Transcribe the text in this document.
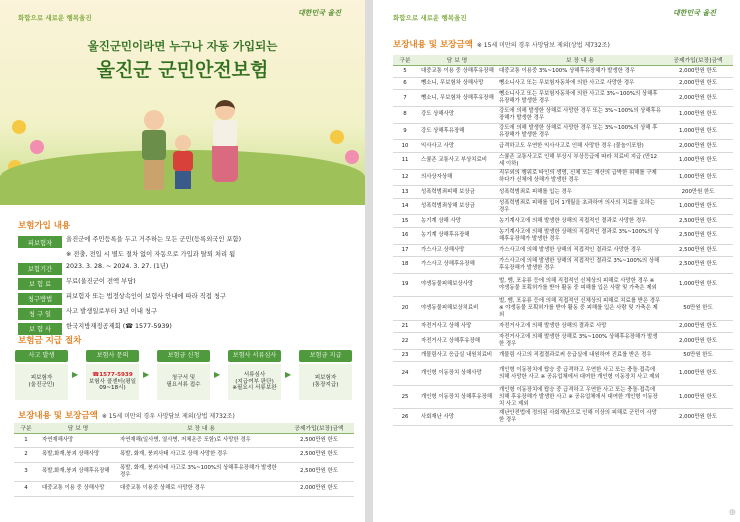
울진군민이라면 누구나 자동 가입되는
울진군 군민안전보험
화합으로 새로운 행복울진
대한민국 울진
보험가입 내용
피보험자	울진군에 주민등록을 두고 거주하는 모든 군민(등록외국인 포함)
※ 전출, 전입 시 별도 절차 없이 자동으로 가입과 탈퇴 처리 됨
보험기간	2023. 3. 28. ~ 2024. 3. 27. (1년)
보 험 료	무료(울진군이 전액 부담)
청구방법	피보험자 또는 법정상속인이 보험사 안내에 따라 직접 청구
청 구 일	사고 발생일로부터 3년 이내 청구
보 험 사	한국지방재정공제회 (☎ 1577-5939)
보험금 지급 절차
사고 발생
피보험자
(울진군민)
▶
보험사 문의
☎1577-5939
보험사 콜센터(평일 09~18시)
▶
보험금 신청
청구서 및
필요서류 접수
▶
보험사 서류심사
서류심사
(지급여부 판단)
※필요시 서류보완
▶
보험금 지급
피보험자
(통장지급)
보장내용 및 보장금액 ※ 15세 미만의 경우 사망담보 제외(상법 제732조)
구분	담 보 명	보 장 내 용	공제가입(보장)금액
1	자연재해사망	자연재해(일사병, 열사병, 저체온증 포함)로 사망한 경우	2,500만원 한도
2	폭발,화재,붕괴 상해사망	폭발, 화재, 붕괴사태 사고로 상해 사망한 경우	2,500만원 한도
3	폭발,화재,붕괴 상해후유장해	폭발, 화재, 붕괴사태 사고로 3%~100%의 상해후유장해가 발생한 경우	2,500만원 한도
4	대중교통 이용 중 상해사망	대중교통 이용중 상해로 사망한 경우	2,000만원 한도
화합으로 새로운 행복울진
대한민국 울진
보장내용 및 보장금액 ※ 15세 미만의 경우 사망담보 제외(상법 제732조)
구분	담 보 명	보 장 내 용	공제가입(보장)금액
5	대중교통 이용 중 상해후유장해	대중교통 이용중 3%~100% 상해후유장해가 발생한 경우	2,000만원 한도
6	뺑소니, 무보험차 상해사망	뺑소니사고 또는 무보험자동차에 의한 사고로 사망한 경우	2,000만원 한도
7	뺑소니, 무보험차 상해후유장해	뺑소니사고 또는 무보험자동차에 의한 사고로 3%~100%의 상해후유장해가 발생한 경우	2,000만원 한도
8	강도 상해사망	강도에 의해 발생한 상해로 사망한 경우 또는 3%~100%의 상해후유장해가 발생한 경우	1,000만원 한도
9	강도 상해후유장해	강도에 의해 발생한 상해로 사망한 경우 또는 3%~100%의 상해 후유장해가 발생한 경우	1,000만원 한도
10	익사사고 사망	급격하고도 우연한 익사사고로 인해 사망한 경우 (물놀이포함)	2,000만원 한도
11	스쿨존 교통사고 부상치료비	스쿨존 교통사고로 인해 부상시 부상등급에 따라 치료비 지급 (만12세 이하)	1,000만원 한도
12	의사상자상해	직무외의 행위로 타인의 생명, 신체 또는 재산의 급박한 위해를 구제하다가 신체에 상해가 발생한 경우	1,000만원 한도
13	성폭력범죄피해 보상금	성폭력범죄로 피해를 입는 경우	200만원 한도
14	성폭력범죄상해 보상금	성폭력범죄로 피해를 입어 1개월을 초과하여 의사의 치료를 요하는 경우	1,000만원 한도
15	농기계 상해 사망	농기계사고에 의해 발생한 상해의 직접적인 결과로 사망한 경우	2,500만원 한도
16	농기계 상해후유장해	농기계사고에 의해 발생한 상해의 직접적인 결과로 3%~100%의 상해후유장해가 발생한 경우	2,500만원 한도
17	가스사고 상해사망	가스사고에 의해 발생한 상해의 직접적인 결과로 사망한 경우	2,500만원 한도
18	가스사고 상해후유장해	가스사고에 의해 발생한 상해의 직접적인 결과로 3%~100%의 상해후유장해가 발생한 경우	2,500만원 한도
19	야생동물피해보상사망	벌, 뱀, 포유류 등에 의해 직접적인 신체상의 피해로 사망한 경우 ※ 야생동물 포획허가를 받아 활동 중 피해를 입은 사람 및 가축은 제외	1,000만원 한도
20	야생동물피해보상치료비	벌, 뱀, 포유류 등에 의해 직접적인 신체상의 피해로 치료를 받은 경우 ※ 야생동물 포획허가를 받아 활동 중 피해를 입은 사람 및 가축은 제외	50만원 한도
21	자전거사고 상해 사망	자전거사고에 의해 발생한 상해의 결과로 사망	2,000만원 한도
22	자전거사고 상해후유장해	자전거사고에 의해 발생한 상해로 3%~100% 상해후유장해가 발생한 경우	2,000만원 한도
23	개물림사고 응급실 내원치료비	개물림 사고의 직접결과로써 응급실에 내원하여 진료를 받은 경우	50만원 한도
24	개인형 이동장치 상해사망	개인형 이동장치에 탑승 중 급격하고 우연한 사고 또는 충돌·접촉에 의해 사망한 사고 ※ 공유업체에서 대여한 개인형 이동장치 사고 제외	1,000만원 한도
25	개인형 이동장치 상해후유장해	개인형 이동장치에 탑승 중 급격하고 우연한 사고 또는 충돌·접촉에 의해 후유장해가 발생한 사고 ※ 공유업체에서 대여한 개인형 이동장치 사고 제외	1,000만원 한도
26	사회재난 사망	재난안전법에 정의된 사회재난으로 인해 이상의 피해로 군민이 사망한 경우	2,000만원 한도
⊕
